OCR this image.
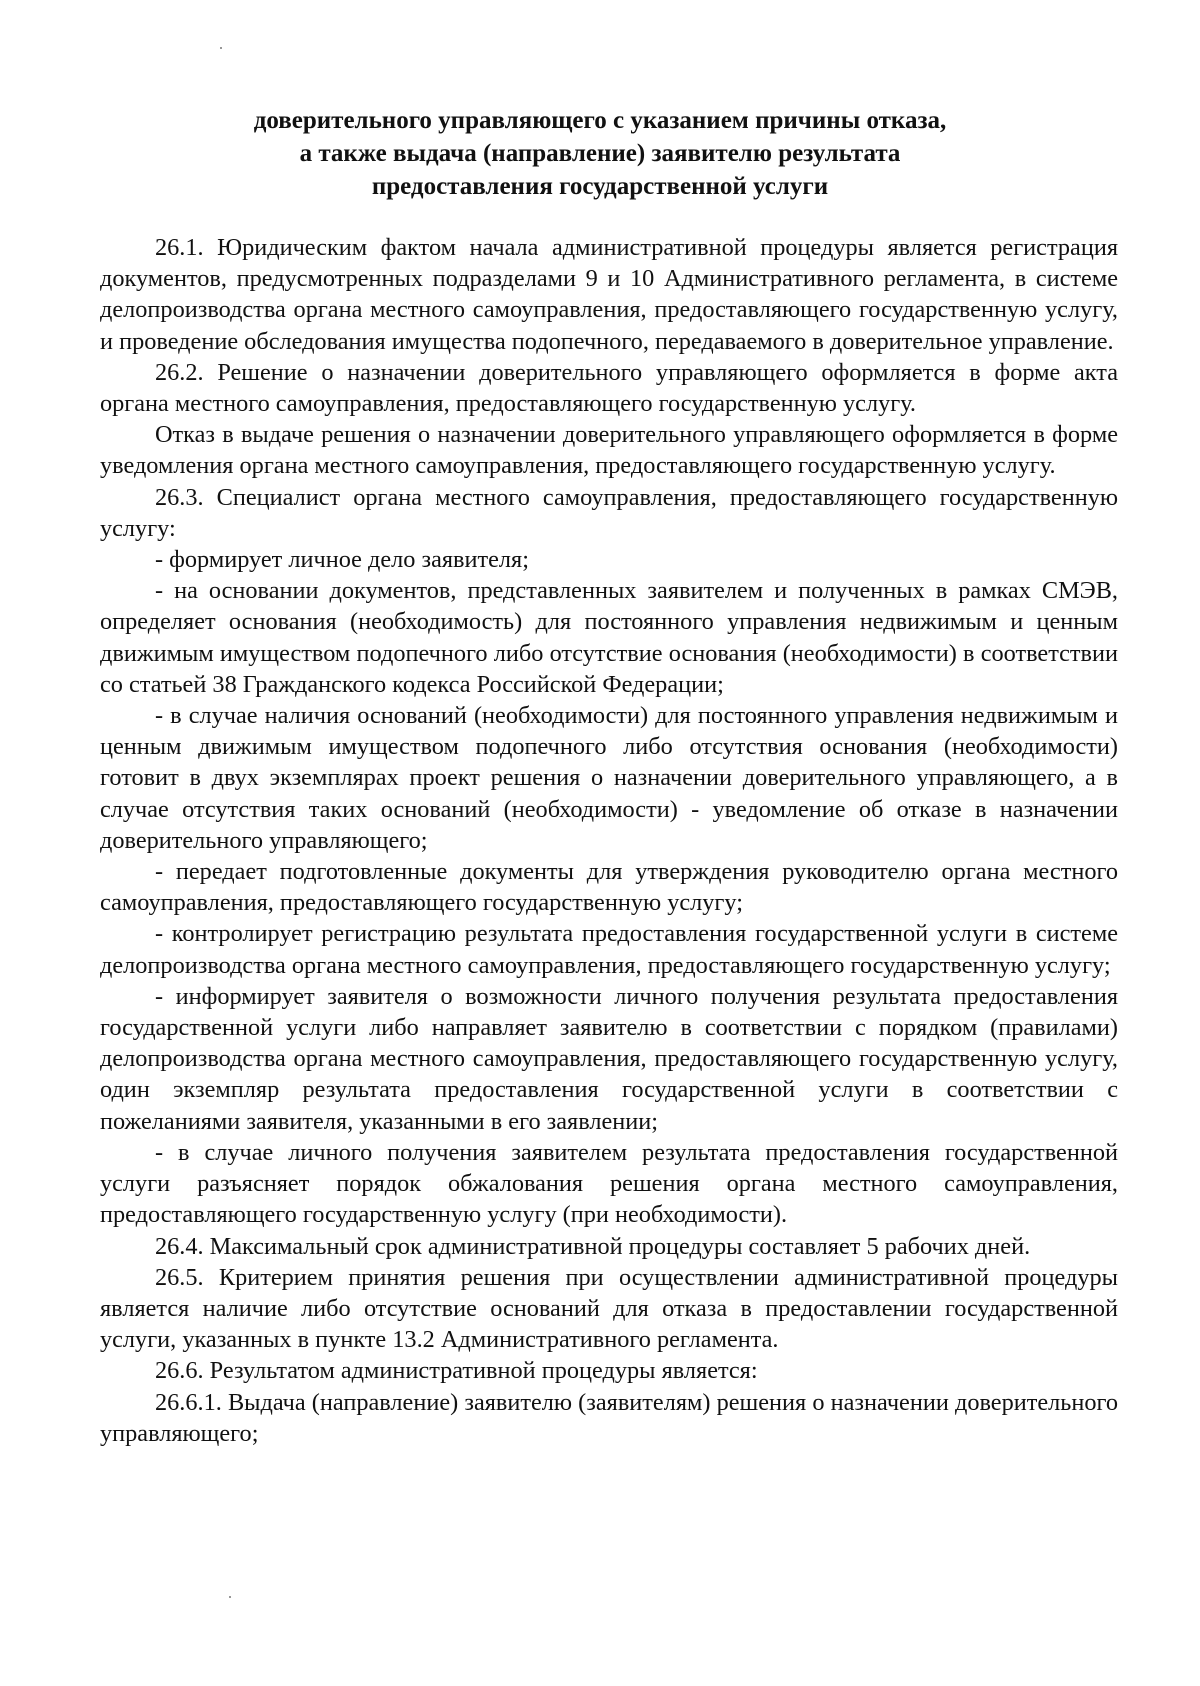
доверительного управляющего с указанием причины отказа,
а также выдача (направление) заявителю результата
предоставления государственной услуги

26.1. Юридическим фактом начала административной процедуры является регистрация документов, предусмотренных подразделами 9 и 10 Административного регламента, в системе делопроизводства органа местного самоуправления, предоставляющего государственную услугу, и проведение обследования имущества подопечного, передаваемого в доверительное управление.

26.2. Решение о назначении доверительного управляющего оформляется в форме акта органа местного самоуправления, предоставляющего государственную услугу.

Отказ в выдаче решения о назначении доверительного управляющего оформляется в форме уведомления органа местного самоуправления, предоставляющего государственную услугу.

26.3. Специалист органа местного самоуправления, предоставляющего государственную услугу:

- формирует личное дело заявителя;

- на основании документов, представленных заявителем и полученных в рамках СМЭВ, определяет основания (необходимость) для постоянного управления недвижимым и ценным движимым имуществом подопечного либо отсутствие основания (необходимости) в соответствии со статьей 38 Гражданского кодекса Российской Федерации;

- в случае наличия оснований (необходимости) для постоянного управления недвижимым и ценным движимым имуществом подопечного либо отсутствия основания (необходимости) готовит в двух экземплярах проект решения о назначении доверительного управляющего, а в случае отсутствия таких оснований (необходимости) - уведомление об отказе в назначении доверительного управляющего;

- передает подготовленные документы для утверждения руководителю органа местного самоуправления, предоставляющего государственную услугу;

- контролирует регистрацию результата предоставления государственной услуги в системе делопроизводства органа местного самоуправления, предоставляющего государственную услугу;

- информирует заявителя о возможности личного получения результата предоставления государственной услуги либо направляет заявителю в соответствии с порядком (правилами) делопроизводства органа местного самоуправления, предоставляющего государственную услугу, один экземпляр результата предоставления государственной услуги в соответствии с пожеланиями заявителя, указанными в его заявлении;

- в случае личного получения заявителем результата предоставления государственной услуги разъясняет порядок обжалования решения органа местного самоуправления, предоставляющего государственную услугу (при необходимости).

26.4. Максимальный срок административной процедуры составляет 5 рабочих дней.

26.5. Критерием принятия решения при осуществлении административной процедуры является наличие либо отсутствие оснований для отказа в предоставлении государственной услуги, указанных в пункте 13.2 Административного регламента.

26.6. Результатом административной процедуры является:

26.6.1. Выдача (направление) заявителю (заявителям) решения о назначении доверительного управляющего;
